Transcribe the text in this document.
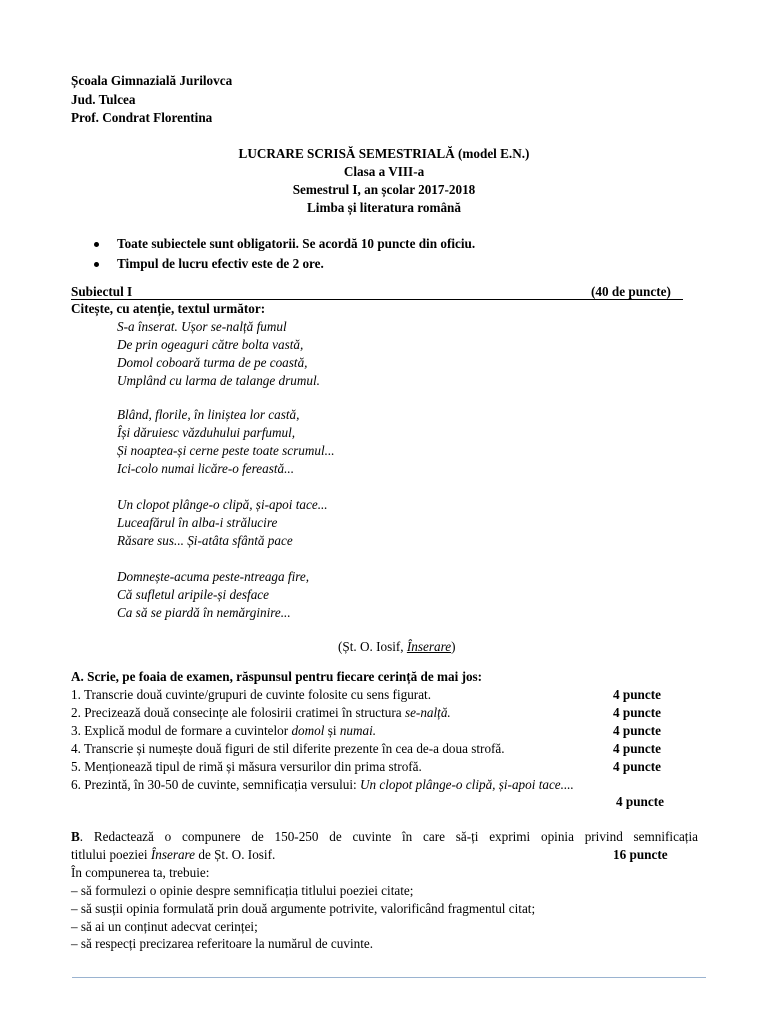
Școala Gimnazială Jurilovca
Jud. Tulcea
Prof. Condrat Florentina
LUCRARE SCRISĂ SEMESTRIALĂ (model E.N.)
Clasa a VIII-a
Semestrul I, an școlar 2017-2018
Limba și literatura română
Toate subiectele sunt obligatorii. Se acordă 10 puncte din oficiu.
Timpul de lucru efectiv este de 2 ore.
Subiectul I	(40 de puncte)
Citește, cu atenție, textul următor:
S-a înserat. Ușor se-nalță fumul
De prin ogeaguri către bolta vastă,
Domol coboară turma de pe coastă,
Umplând cu larma de talange drumul.
Blând, florile, în liniștea lor castă,
Își dăruiesc văzduhului parfumul,
Și noaptea-și cerne peste toate scrumul...
Ici-colo numai licăre-o fereastă...
Un clopot plânge-o clipă, și-apoi tace...
Luceafărul în alba-i strălucire
Răsare sus... Și-atâta sfântă pace
Domnește-acuma peste-ntreaga fire,
Că sufletul aripile-și desface
Ca să se piardă în nemărginire...
(Șt. O. Iosif, Înserare)
A. Scrie, pe foaia de examen, răspunsul pentru fiecare cerință de mai jos:
1. Transcrie două cuvinte/grupuri de cuvinte folosite cu sens figurat.	4 puncte
2. Precizează două consecințe ale folosirii cratimei în structura se-nalță.	4 puncte
3. Explică modul de formare a cuvintelor domol și numai.	4 puncte
4. Transcrie și numește două figuri de stil diferite prezente în cea de-a doua strofă.	4 puncte
5. Menționează tipul de rimă și măsura versurilor din prima strofă.	4 puncte
6. Prezintă, în 30-50 de cuvinte, semnificația versului: Un clopot plânge-o clipă, și-apoi tace....
4 puncte
B. Redactează o compunere de 150-250 de cuvinte în care să-ți exprimi opinia privind semnificația
titlului poeziei Înserare de Șt. O. Iosif.	16 puncte
În compunerea ta, trebuie:
– să formulezi o opinie despre semnificația titlului poeziei citate;
– să susții opinia formulată prin două argumente potrivite, valorificând fragmentul citat;
– să ai un conținut adecvat cerinței;
– să respecți precizarea referitoare la numărul de cuvinte.
